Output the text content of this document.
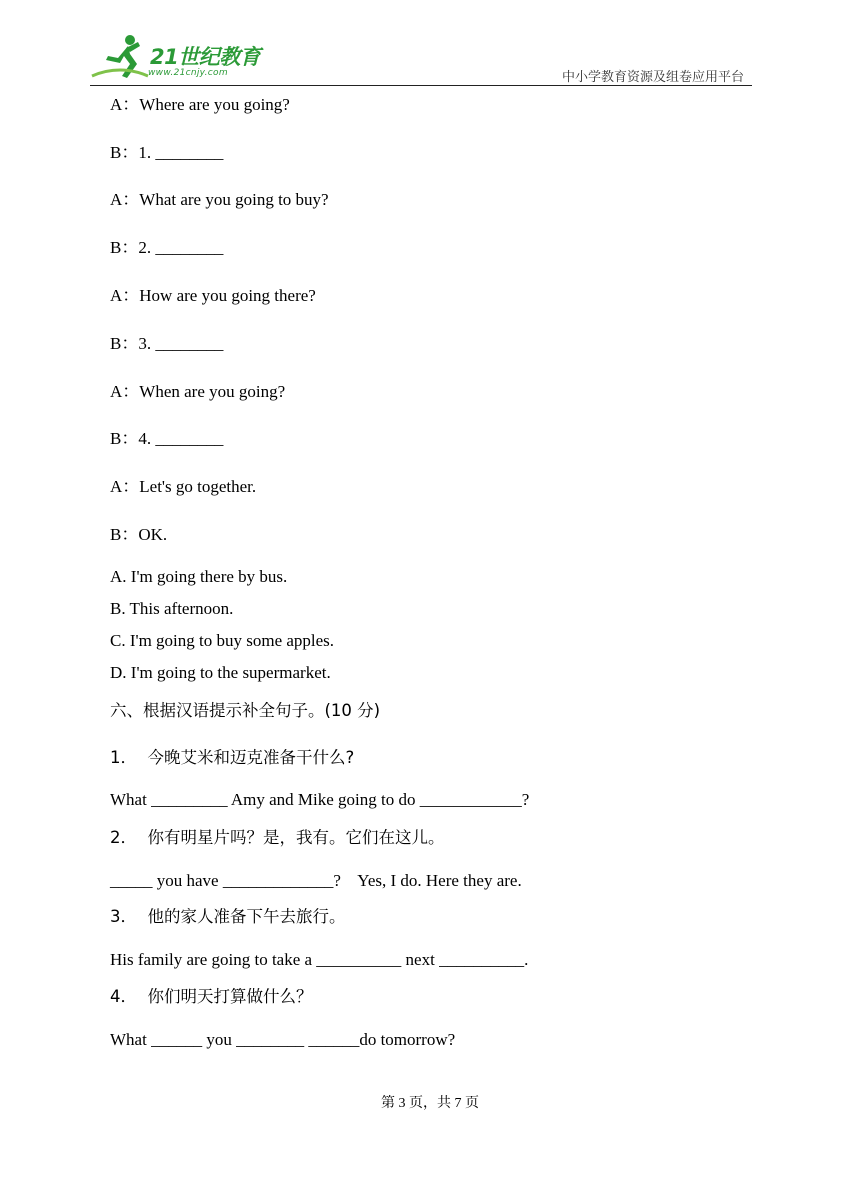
21世纪教育
www.21cnjy.com	中小学教育资源及组卷应用平台
A：Where are you going?
B：1. ________
A：What are you going to buy?
B：2. ________
A：How are you going there?
B：3. ________
A：When are you going?
B：4. ________
A：Let's go together.
B：OK.
A. I'm going there by bus.
B. This afternoon.
C. I'm going to buy some apples.
D. I'm going to the supermarket.
六、根据汉语提示补全句子。(10 分)
1． 今晚艾米和迈克准备干什么?
What _________ Amy and Mike going to do ____________?
2． 你有明星片吗？是，我有。它们在这儿。
_____ you have _____________?    Yes, I do. Here they are.
3． 他的家人准备下午去旅行。
His family are going to take a __________ next __________.
4． 你们明天打算做什么？
What ______ you ________ ______do tomorrow?
第 3 页，共 7 页
